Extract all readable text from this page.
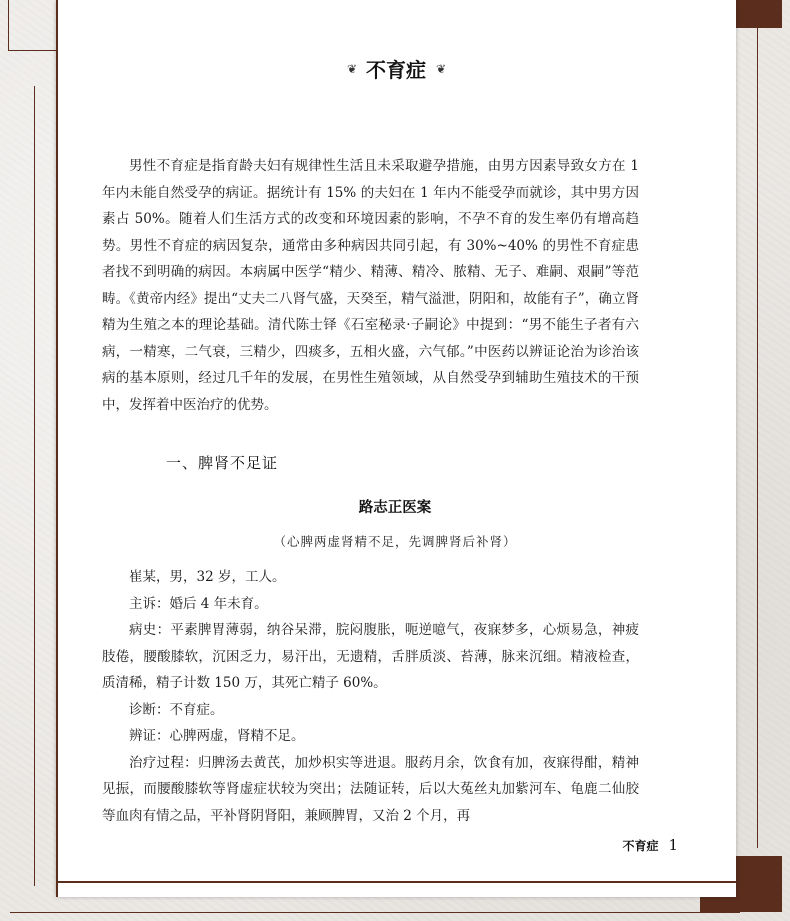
❦ 不育症 ❦

男性不育症是指育龄夫妇有规律性生活且未采取避孕措施，由男方因素导致女方在 1 年内未能自然受孕的病证。据统计有 15% 的夫妇在 1 年内不能受孕而就诊，其中男方因素占 50%。随着人们生活方式的改变和环境因素的影响，不孕不育的发生率仍有增高趋势。男性不育症的病因复杂，通常由多种病因共同引起，有 30%~40% 的男性不育症患者找不到明确的病因。本病属中医学“精少、精薄、精冷、脓精、无子、难嗣、艰嗣”等范畴。《黄帝内经》提出“丈夫二八肾气盛，天癸至，精气溢泄，阴阳和，故能有子”，确立肾精为生殖之本的理论基础。清代陈士铎《石室秘录·子嗣论》中提到：“男不能生子者有六病，一精寒，二气衰，三精少，四痰多，五相火盛，六气郁。”中医药以辨证论治为诊治该病的基本原则，经过几千年的发展，在男性生殖领域，从自然受孕到辅助生殖技术的干预中，发挥着中医治疗的优势。

一、脾肾不足证
路志正医案
（心脾两虚肾精不足，先调脾肾后补肾）

崔某，男，32 岁，工人。

主诉：婚后 4 年未育。

病史：平素脾胃薄弱，纳谷呆滞，脘闷腹胀，呃逆噫气，夜寐梦多，心烦易急，神疲肢倦，腰酸膝软，沉困乏力，易汗出，无遗精，舌胖质淡、苔薄，脉来沉细。精液检查，质清稀，精子计数 150 万，其死亡精子 60%。

诊断：不育症。

辨证：心脾两虚，肾精不足。

治疗过程：归脾汤去黄芪，加炒枳实等进退。服药月余，饮食有加，夜寐得酣，精神见振，而腰酸膝软等肾虚症状较为突出；法随证转，后以大菟丝丸加紫河车、龟鹿二仙胶等血肉有情之品，平补肾阴肾阳，兼顾脾胃，又治 2 个月，再

不育症 1
